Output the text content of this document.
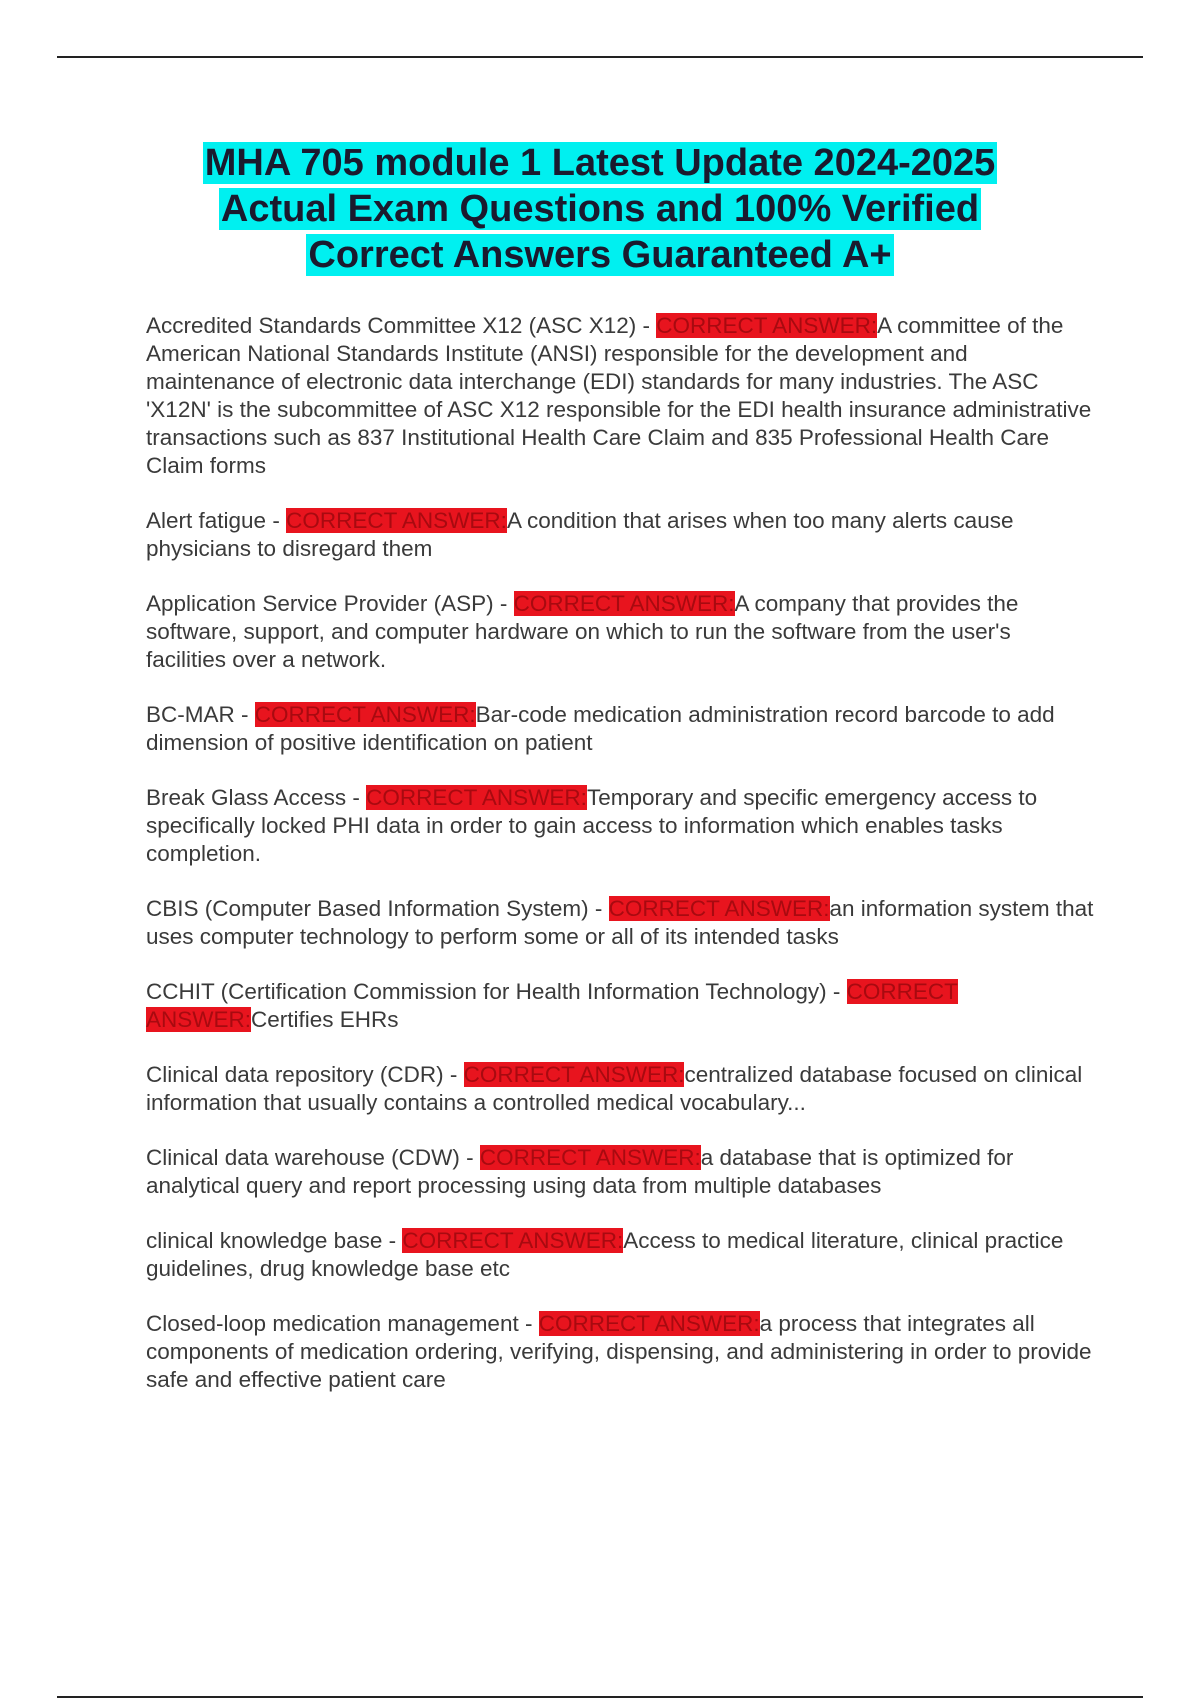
MHA 705 module 1 Latest Update 2024-2025
Actual Exam Questions and 100% Verified
Correct Answers Guaranteed A+

Accredited Standards Committee X12 (ASC X12) - CORRECT ANSWER:A committee of the American National Standards Institute (ANSI) responsible for the development and maintenance of electronic data interchange (EDI) standards for many industries. The ASC 'X12N' is the subcommittee of ASC X12 responsible for the EDI health insurance administrative transactions such as 837 Institutional Health Care Claim and 835 Professional Health Care Claim forms

Alert fatigue - CORRECT ANSWER:A condition that arises when too many alerts cause physicians to disregard them

Application Service Provider (ASP) - CORRECT ANSWER:A company that provides the software, support, and computer hardware on which to run the software from the user's facilities over a network.

BC-MAR - CORRECT ANSWER:Bar-code medication administration record barcode to add dimension of positive identification on patient

Break Glass Access - CORRECT ANSWER:Temporary and specific emergency access to specifically locked PHI data in order to gain access to information which enables tasks completion.

CBIS (Computer Based Information System) - CORRECT ANSWER:an information system that uses computer technology to perform some or all of its intended tasks

CCHIT (Certification Commission for Health Information Technology) - CORRECT ANSWER:Certifies EHRs

Clinical data repository (CDR) - CORRECT ANSWER:centralized database focused on clinical information that usually contains a controlled medical vocabulary...

Clinical data warehouse (CDW) - CORRECT ANSWER:a database that is optimized for analytical query and report processing using data from multiple databases

clinical knowledge base - CORRECT ANSWER:Access to medical literature, clinical practice guidelines, drug knowledge base etc

Closed-loop medication management - CORRECT ANSWER:a process that integrates all components of medication ordering, verifying, dispensing, and administering in order to provide safe and effective patient care
